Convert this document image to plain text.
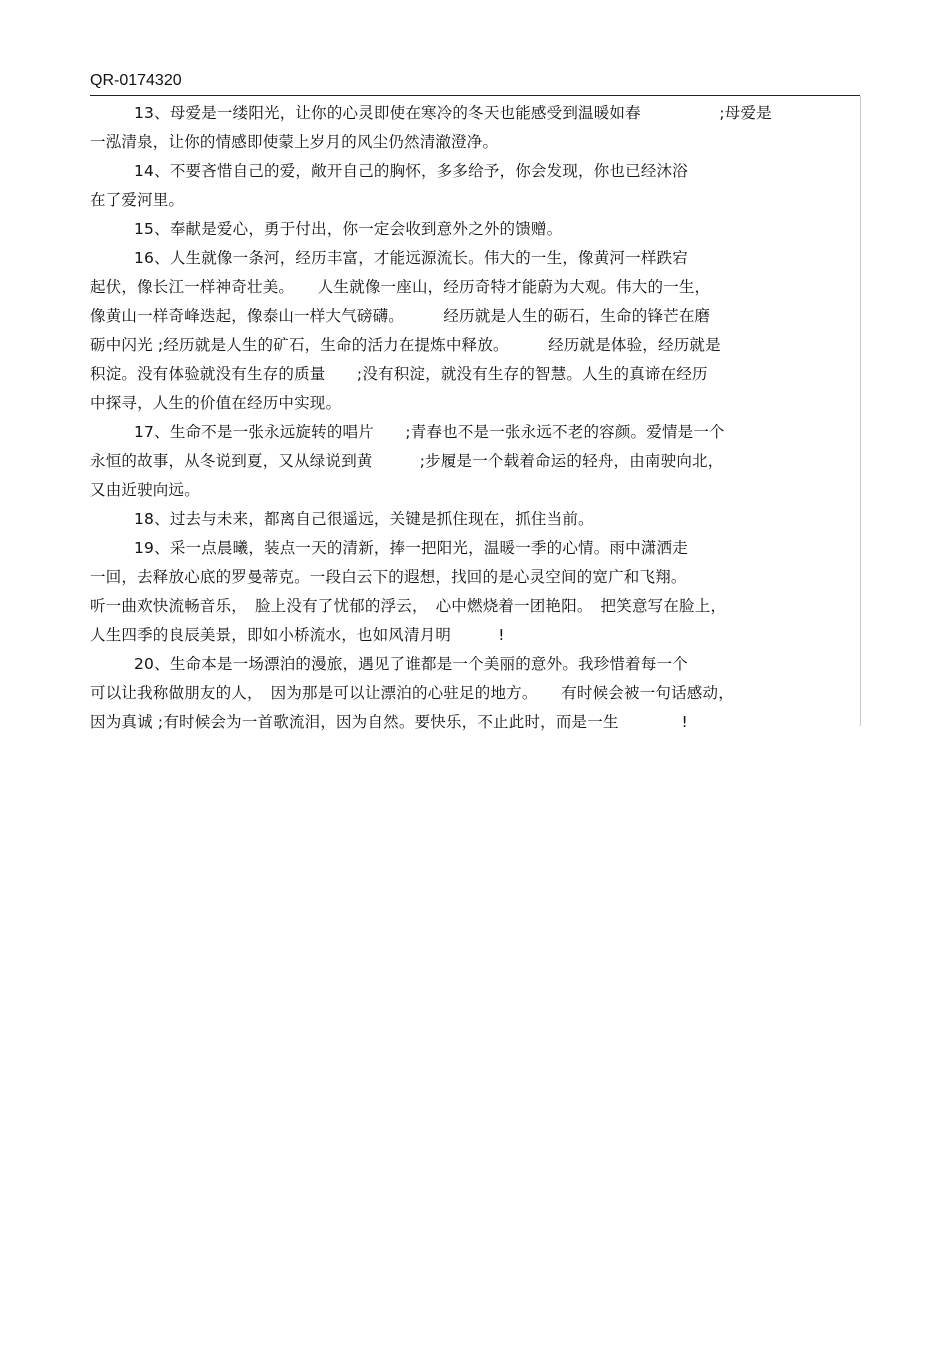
QR-0174320
13、母爱是一缕阳光，让你的心灵即使在寒冷的冬天也能感受到温暖如春　　　　　;母爱是
一泓清泉，让你的情感即使蒙上岁月的风尘仍然清澈澄净。
14、不要吝惜自己的爱，敞开自己的胸怀，多多给予，你会发现，你也已经沐浴
在了爱河里。
15、奉献是爱心，勇于付出，你一定会收到意外之外的馈赠。
16、人生就像一条河，经历丰富，才能远源流长。伟大的一生，像黄河一样跌宕
起伏，像长江一样神奇壮美。　　人生就像一座山，经历奇特才能蔚为大观。伟大的一生，
像黄山一样奇峰迭起，像泰山一样大气磅礴。　　　经历就是人生的砺石，生命的锋芒在磨
砺中闪光 ;经历就是人生的矿石，生命的活力在提炼中释放。　　　经历就是体验，经历就是
积淀。没有体验就没有生存的质量　　;没有积淀，就没有生存的智慧。人生的真谛在经历
中探寻，人生的价值在经历中实现。
17、生命不是一张永远旋转的唱片　　;青春也不是一张永远不老的容颜。爱情是一个
永恒的故事，从冬说到夏，又从绿说到黄　　　;步履是一个载着命运的轻舟，由南驶向北，
又由近驶向远。
18、过去与未来，都离自己很遥远，关键是抓住现在，抓住当前。
19、采一点晨曦，装点一天的清新，捧一把阳光，温暖一季的心情。雨中潇洒走
一回，去释放心底的罗曼蒂克。一段白云下的遐想，找回的是心灵空间的宽广和飞翔。
听一曲欢快流畅音乐，　脸上没有了忧郁的浮云，　心中燃烧着一团艳阳。　把笑意写在脸上，
人生四季的良辰美景，即如小桥流水，也如风清月明　　　!
20、生命本是一场漂泊的漫旅，遇见了谁都是一个美丽的意外。我珍惜着每一个
可以让我称做朋友的人，　因为那是可以让漂泊的心驻足的地方。　　有时候会被一句话感动，
因为真诚 ;有时候会为一首歌流泪，因为自然。要快乐，不止此时，而是一生　　　　!
